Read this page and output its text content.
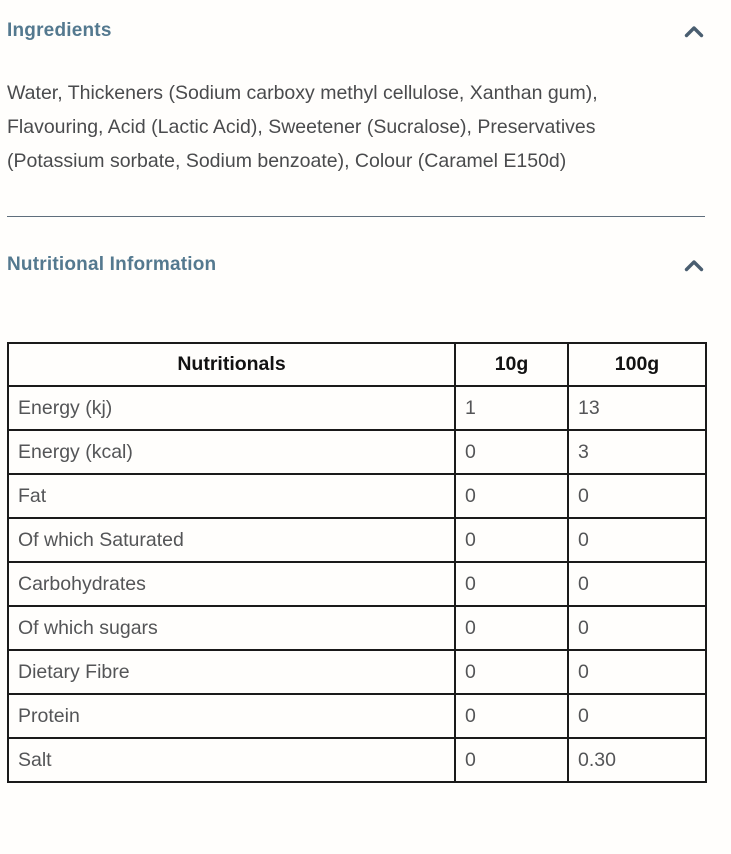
Ingredients

Water, Thickeners (Sodium carboxy methyl cellulose, Xanthan gum), Flavouring, Acid (Lactic Acid), Sweetener (Sucralose), Preservatives (Potassium sorbate, Sodium benzoate), Colour (Caramel E150d)

Nutritional Information
Nutritionals	10g	100g
Energy (kj)	1	13
Energy (kcal)	0	3
Fat	0	0
Of which Saturated	0	0
Carbohydrates	0	0
Of which sugars	0	0
Dietary Fibre	0	0
Protein	0	0
Salt	0	0.30
